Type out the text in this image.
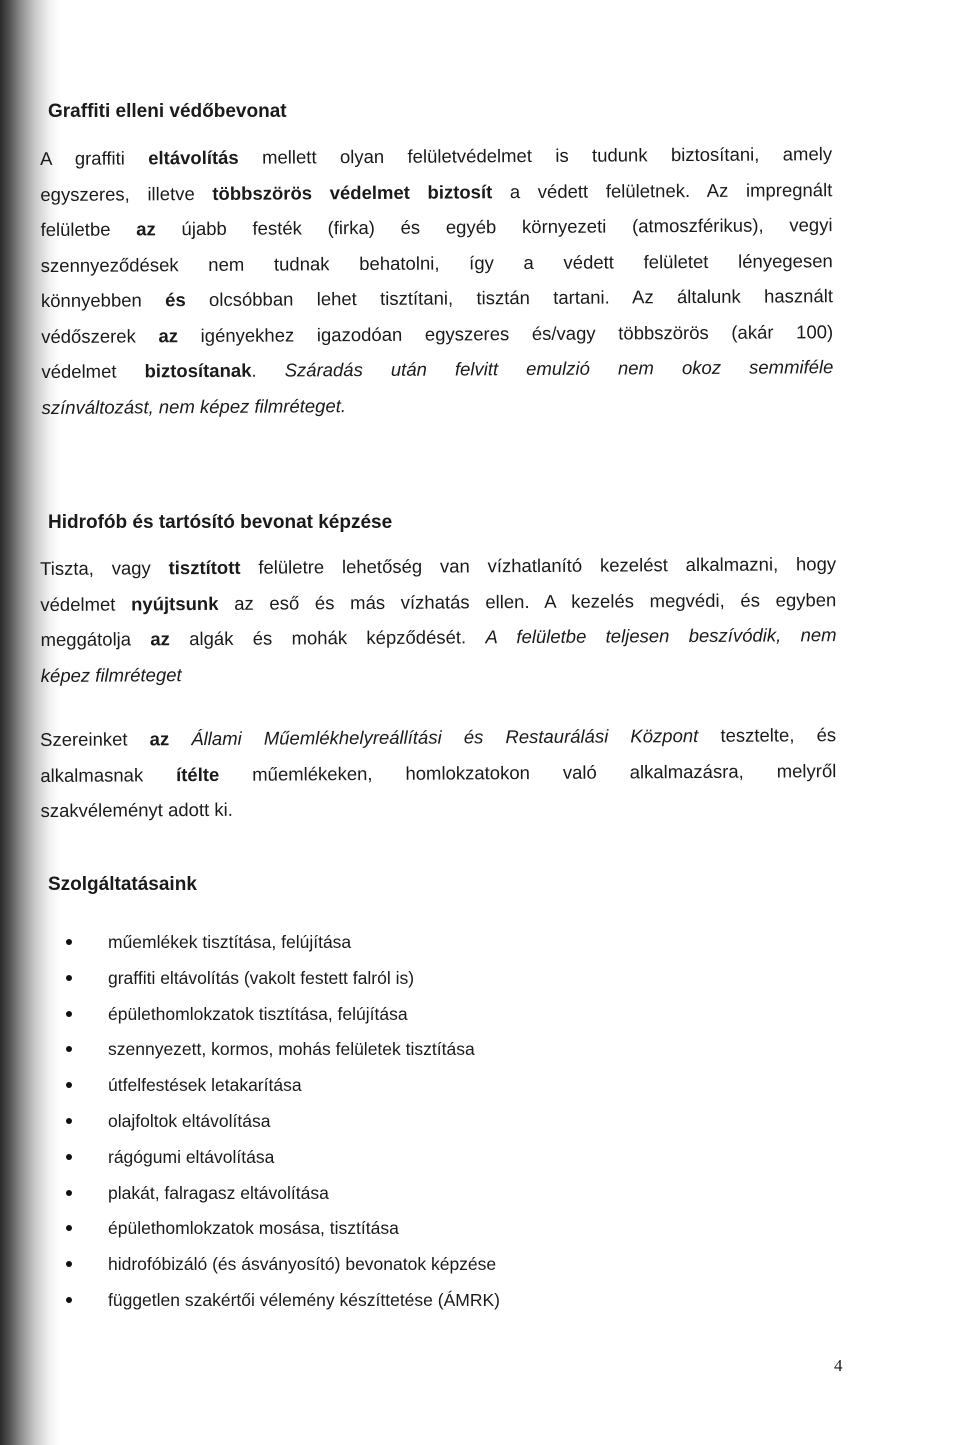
Graffiti elleni védőbevonat
A graffiti eltávolítás mellett olyan felületvédelmet is tudunk biztosítani, amely
egyszeres, illetve többszörös védelmet biztosít a védett felületnek. Az impregnált
felületbe az újabb festék (firka) és egyéb környezeti (atmoszférikus), vegyi
szennyeződések nem tudnak behatolni, így a védett felületet lényegesen
könnyebben és olcsóbban lehet tisztítani, tisztán tartani. Az általunk használt
védőszerek az igényekhez igazodóan egyszeres és/vagy többszörös (akár 100)
védelmet biztosítanak. Száradás után felvitt emulzió nem okoz semmiféle
színváltozást, nem képez filmréteget.
Hidrofób és tartósító bevonat képzése
Tiszta, vagy tisztított felületre lehetőség van vízhatlanító kezelést alkalmazni, hogy
védelmet nyújtsunk az eső és más vízhatás ellen. A kezelés megvédi, és egyben
meggátolja az algák és mohák képződését. A felületbe teljesen beszívódik, nem
képez filmréteget
Szereinket az Állami Műemlékhelyreállítási és Restaurálási Központ tesztelte, és
alkalmasnak ítélte műemlékeken, homlokzatokon való alkalmazásra, melyről
szakvéleményt adott ki.
Szolgáltatásaink
műemlékek tisztítása, felújítása
graffiti eltávolítás (vakolt festett falról is)
épülethomlokzatok tisztítása, felújítása
szennyezett, kormos, mohás felületek tisztítása
útfelfestések letakarítása
olajfoltok eltávolítása
rágógumi eltávolítása
plakát, falragasz eltávolítása
épülethomlokzatok mosása, tisztítása
hidrofóbizáló (és ásványosító) bevonatok képzése
független szakértői vélemény készíttetése (ÁMRK)
4
